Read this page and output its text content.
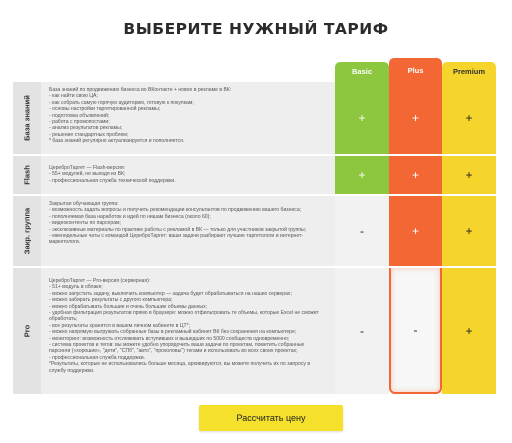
ВЫБЕРИТЕ НУЖНЫЙ ТАРИФ
Basic	Plus	Premium
База знаний
База знаний по продвижению бизнеса во ВКонтакте + новое в рекламе в ВК:
- как найти свою ЦА;
- как собрать самую горячую аудиторию, готовую к покупкам;
- основы настройки таргетированной рекламы;
- подготовка объявлений;
- работа с промопостами;
- анализ результатов рекламы;
- решение стандартных проблем;
* база знаний регулярно актуализируется и пополняется.
+	+	+
Flash	ЦереброТаргет — Flash-версия:
- 55+ модулей, не выходя из ВК;
- профессиональная служба технической поддержки.	+	+	+
Закр. группа
Закрытая обучающая группа:
- возможность задать вопросы и получить рекомендации консультантов по продвижению вашего бизнеса;
- пополняемая база наработок и идей по нишам бизнеса (около 60);
- видеоконтенты по парсерам;
- эксклюзивные материалы по практике работы с рекламой в ВК — только для участников закрытой группы;
- еженедельные чаты с командой ЦереброТаргет: ваши задачи разбирают лучшие таргетологи и интернет-маркетологи.
-	+	+
Pro
ЦереброТаргет — Pro-версия (серверная):
- 51+ модуль в облаке;
- можно запустить задачу, выключить компьютер — задача будет обрабатываться на наших серверах;
- можно забирать результаты с другого компьютера;
- можно обрабатывать большие и очень большие объемы данных;
- удобная фильтрация результатов прямо в браузере: можно отфильтровать те объемы, которые Excel не сможет обработать;
- все результаты хранятся в вашем личном кабинете в ЦТ*;
- можно напрямую выгружать собранные базы в рекламный кабинет ВК без сохранения на компьютере;
- мониторинг: возможность отслеживать вступивших и вышедших по 5000 сообществ одновременно;
- система проектов и тегов: вы можете удобно упорядочить ваши задачи по проектам, пометить собранные парсинги («хорошие», "дети", "СПб", "авто", "прохоловы") тегами и использовать во всех своих проектах;
- профессиональная служба поддержки.
*Результаты, которые не использовались больше месяца, архивируются, вы можете получить их по запросу в службу поддержки.
-	-	+
Рассчитать цену
